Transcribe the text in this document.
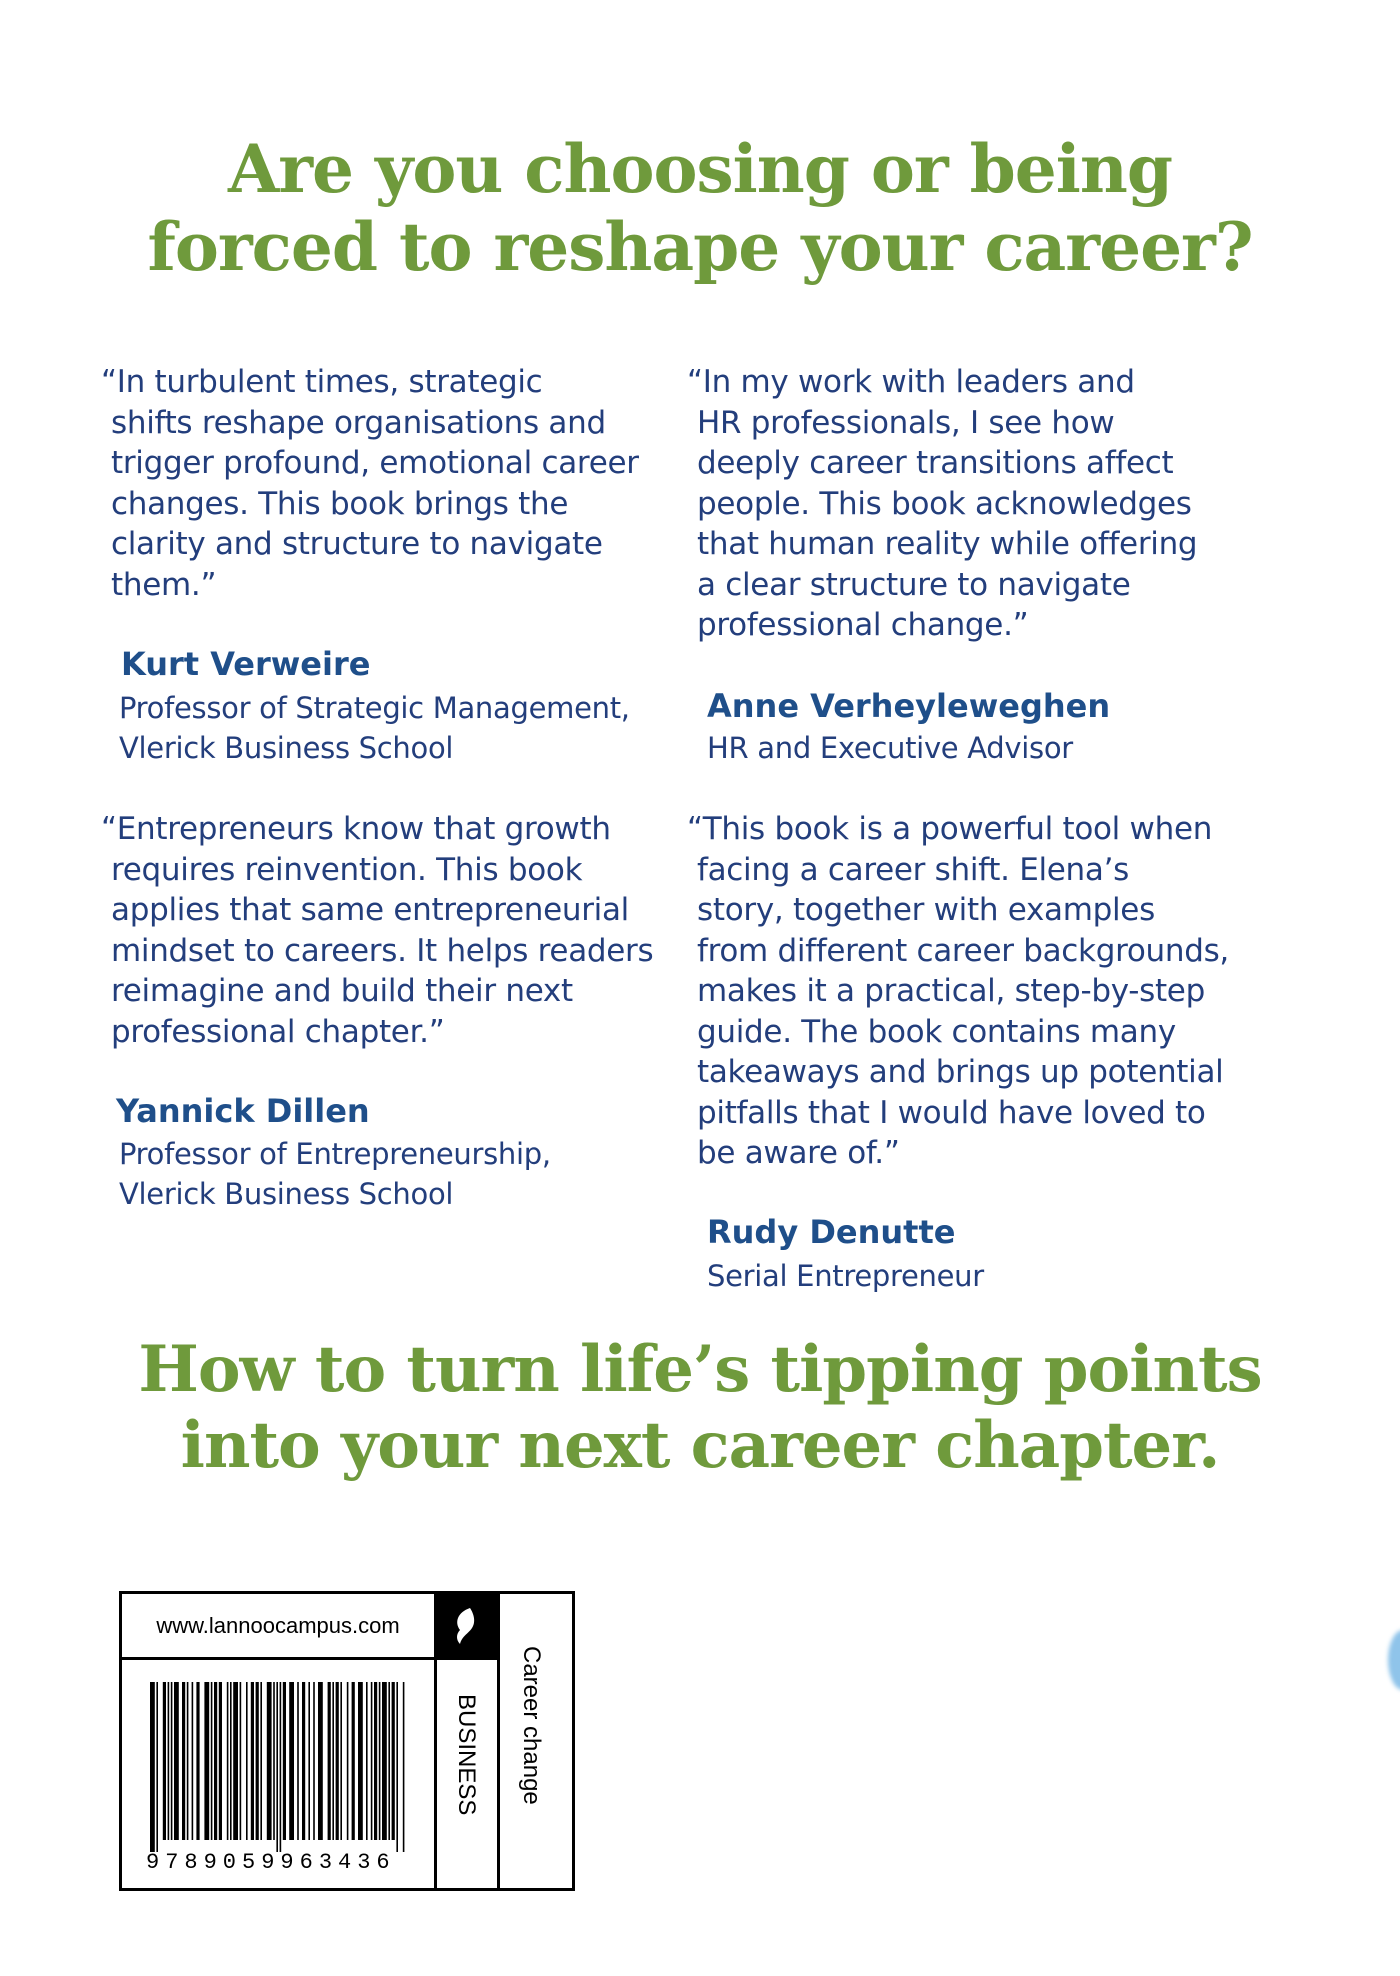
Are you choosing or being
forced to reshape your career?

“ In turbulent times, strategic
shifts reshape organisations and
trigger profound, emotional career
changes. This book brings the
clarity and structure to navigate
them. ”

Kurt Verweire

Professor of Strategic Management,
Vlerick Business School

“ In my work with leaders and
HR professionals, I see how
deeply career transitions affect
people. This book acknowledges
that human reality while offering
a clear structure to navigate
professional change. ”

Anne Verheyleweghen

HR and Executive Advisor

“ Entrepreneurs know that growth
requires reinvention. This book
applies that same entrepreneurial
mindset to careers. It helps readers
reimagine and build their next
professional chapter. ”

Yannick Dillen

Professor of Entrepreneurship,
Vlerick Business School

“ This book is a powerful tool when
facing a career shift. Elena’s
story, together with examples
from different career backgrounds,
makes it a practical, step-by-step
guide. The book contains many
takeaways and brings up potential
pitfalls that I would have loved to
be aware of. ”

Rudy Denutte

Serial Entrepreneur

How to turn life’s tipping points
into your next career chapter.
www.lannoocampus.com
9789059963436
BUSINESS Career change
